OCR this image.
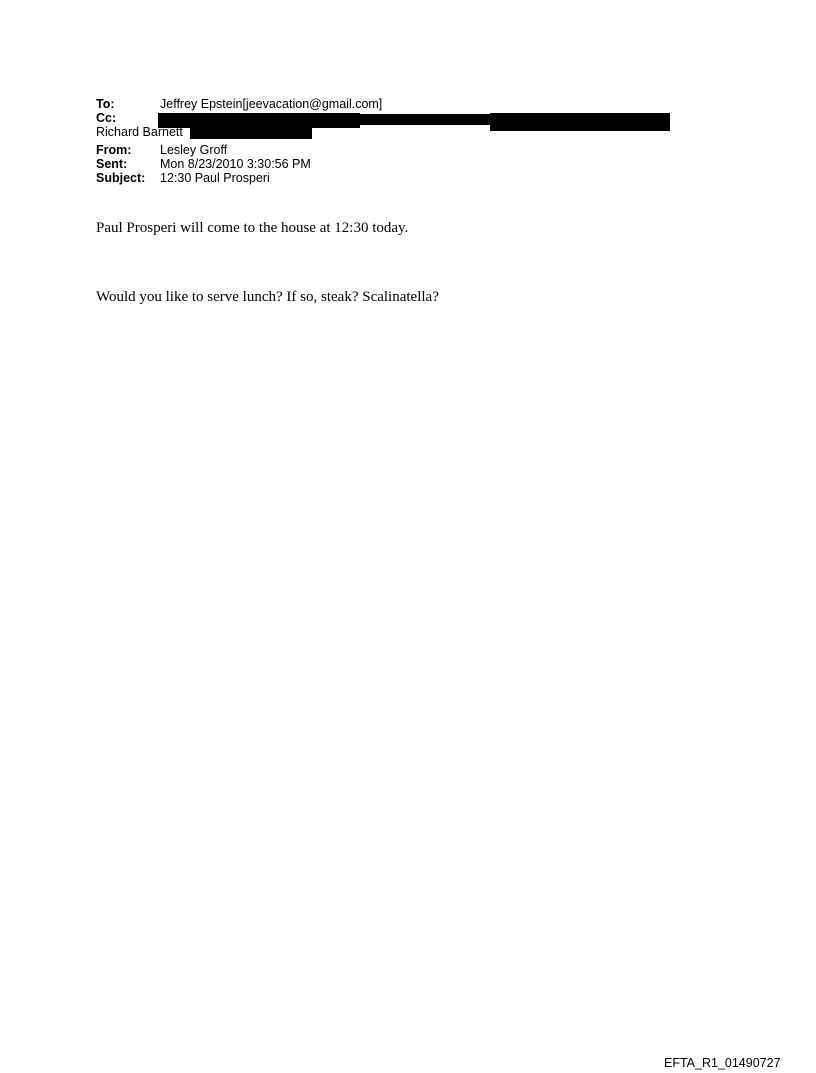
To:	Jeffrey Epstein[jeevacation@gmail.com]
Cc:
Richard Barnett
From: Lesley Groff
Sent:	Mon 8/23/2010 3:30:56 PM
Subject: 12:30 Paul Prosperi
Paul Prosperi will come to the house at 12:30 today.
Would you like to serve lunch? If so, steak? Scalinatella?
EFTA_R1_01490727
